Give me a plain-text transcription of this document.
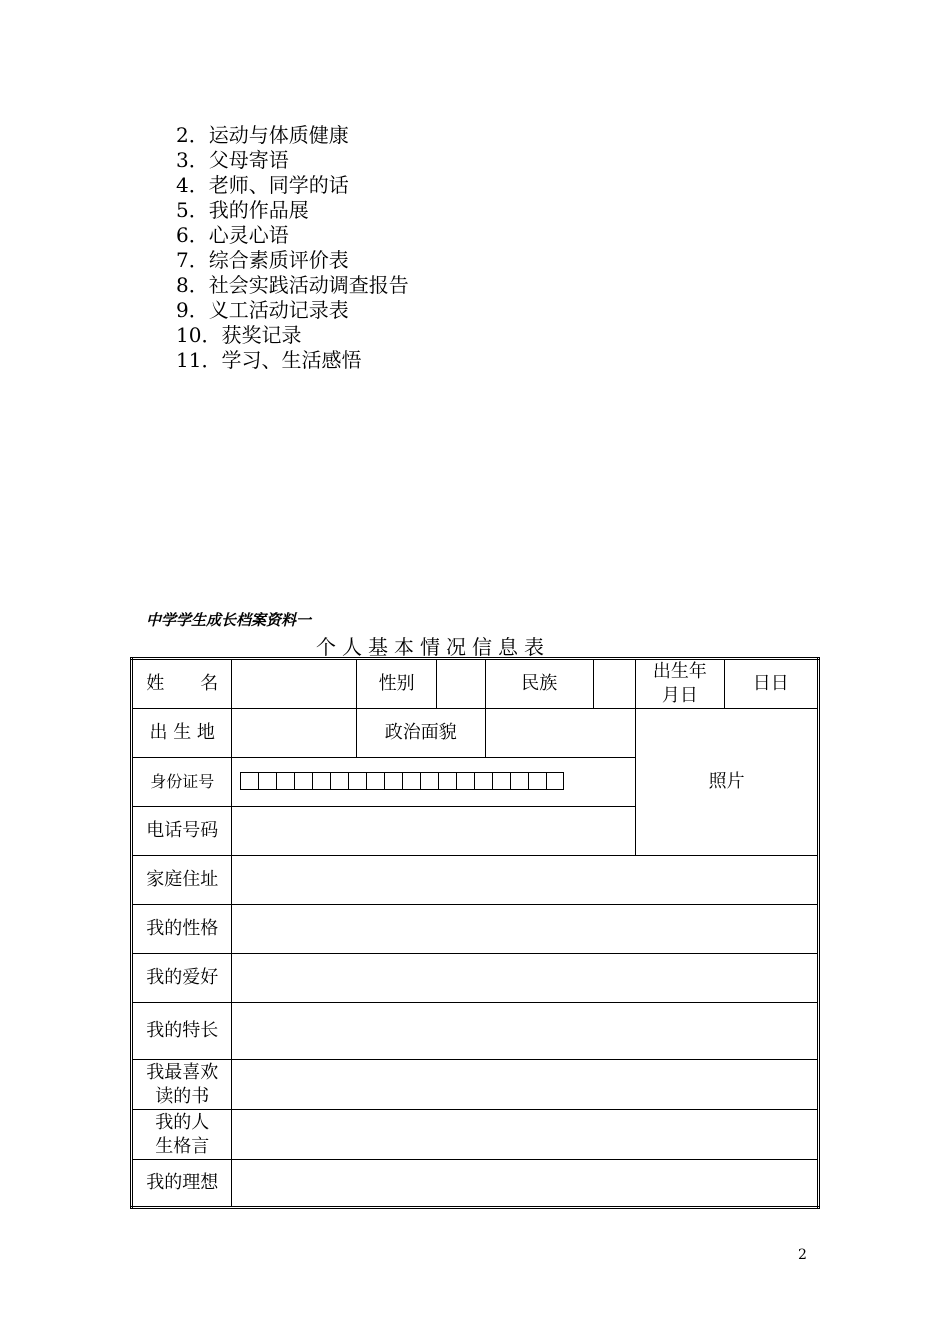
2．运动与体质健康
3．父母寄语
4．老师、同学的话
5．我的作品展
6．心灵心语
7．综合素质评价表
8．社会实践活动调查报告
9．义工活动记录表
10．获奖记录
11．学习、生活感悟
中学学生成长档案资料一
个人基本情况信息表
姓　　名		性别		民族		出生年
月日	日日
出 生 地		政治面貌				照片	
身份证号							

电话号码							
家庭住址							
我的性格							
我的爱好							
我的特长							

我最喜欢
读的书							

我的人
生格言							

我的理想							
2
